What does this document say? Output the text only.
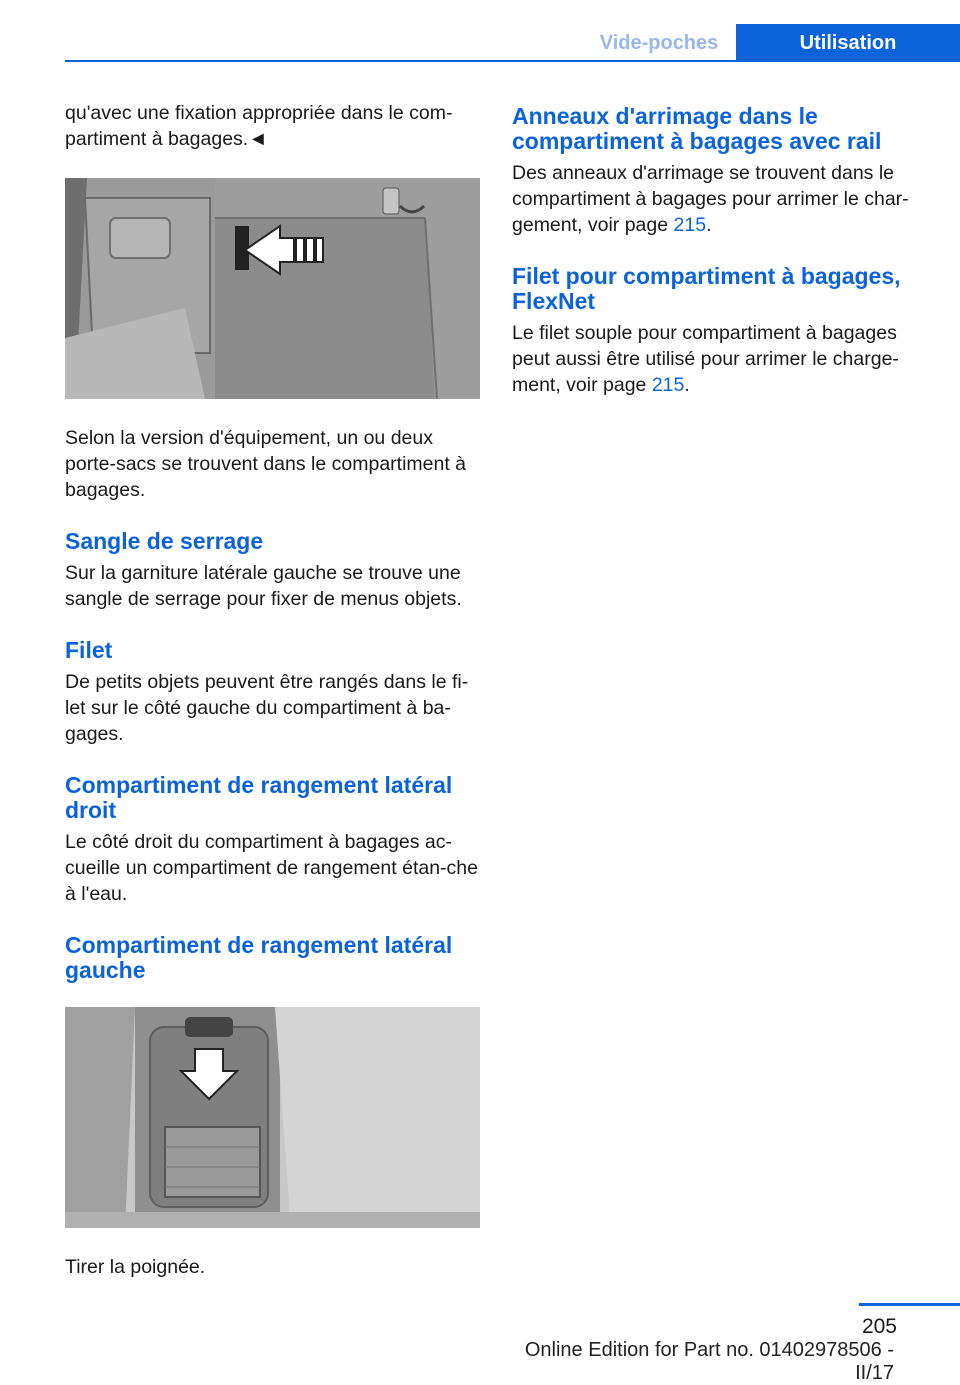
Vide-poches	Utilisation

qu'avec une fixation appropriée dans le com-partiment à bagages.◄

Selon la version d'équipement, un ou deux porte-sacs se trouvent dans le compartiment à bagages.

Sangle de serrage

Sur la garniture latérale gauche se trouve une sangle de serrage pour fixer de menus objets.

Filet

De petits objets peuvent être rangés dans le fi-let sur le côté gauche du compartiment à ba-gages.

Compartiment de rangement latéral droit

Le côté droit du compartiment à bagages ac-cueille un compartiment de rangement étan-che à l'eau.

Compartiment de rangement latéral gauche

Tirer la poignée.

Anneaux d'arrimage dans le compartiment à bagages avec rail

Des anneaux d'arrimage se trouvent dans le compartiment à bagages pour arrimer le char-gement, voir page 215.

Filet pour compartiment à bagages, FlexNet

Le filet souple pour compartiment à bagages peut aussi être utilisé pour arrimer le charge-ment, voir page 215.

205
Online Edition for Part no. 01402978506 - II/17
